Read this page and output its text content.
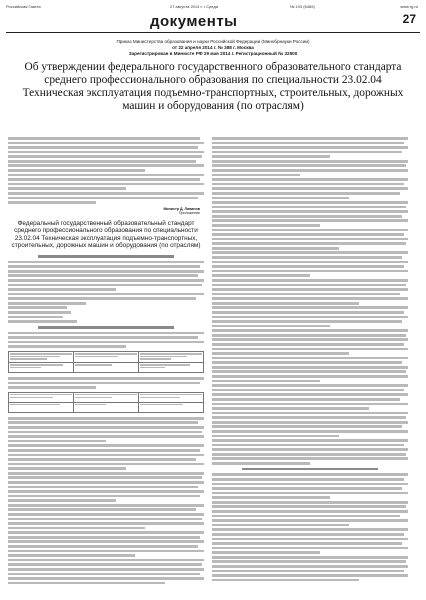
Российская Газета	27 августа 2014 г. • Среда	№ 193 (6465)	www.rg.ru
документы	27
Приказ Министерства образования и науки Российской Федерации (Минобрнауки России)
от 22 апреля 2014 г. № 388 г. Москва
Зарегистрирован в Минюсте РФ 29 мая 2014 г. Регистрационный № 32500
Об утверждении федерального государственного образовательного стандарта среднего профессионального образования по специальности 23.02.04 Техническая эксплуатация подъемно-транспортных, строительных, дорожных машин и оборудования (по отраслям)
Министр Д. Ливанов
Приложение
Федеральный государственный образовательный стандарт среднего профессионального образования по специальности 23.02.04 Техническая эксплуатация подъемно-транспортных, строительных, дорожных машин и оборудования (по отраслям)
